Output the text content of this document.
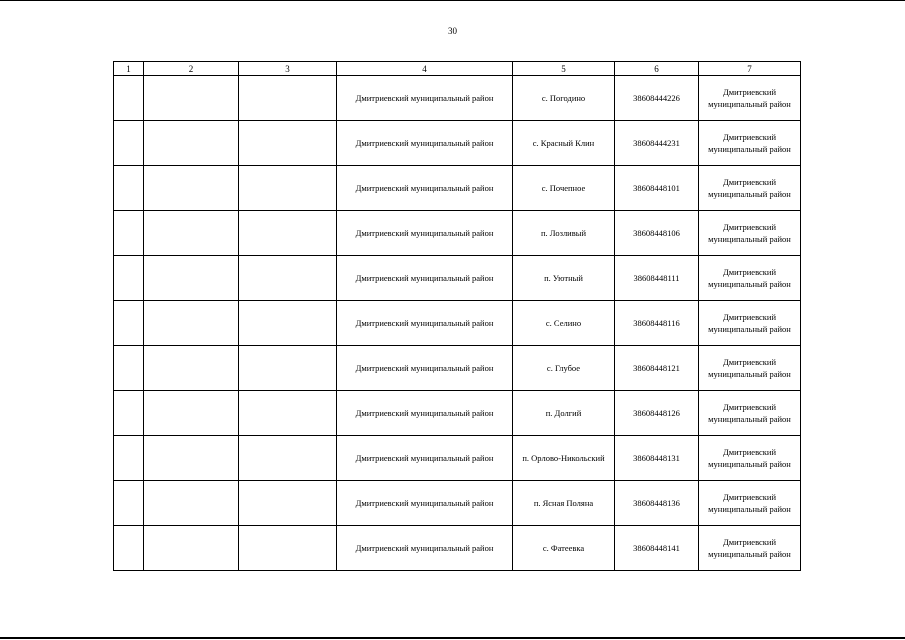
30
1	2	3	4	5	6	7
			Дмитриевский муниципальный район	с. Погодино	38608444226	Дмитриевский
муниципальный район

			Дмитриевский муниципальный район	с. Красный Клин	38608444231	Дмитриевский
муниципальный район

			Дмитриевский муниципальный район	с. Почепное	38608448101	Дмитриевский
муниципальный район

			Дмитриевский муниципальный район	п. Лозливый	38608448106	Дмитриевский
муниципальный район

			Дмитриевский муниципальный район	п. Уютный	38608448111	Дмитриевский
муниципальный район

			Дмитриевский муниципальный район	с. Селино	38608448116	Дмитриевский
муниципальный район

			Дмитриевский муниципальный район	с. Глубое	38608448121	Дмитриевский
муниципальный район

			Дмитриевский муниципальный район	п. Долгий	38608448126	Дмитриевский
муниципальный район

			Дмитриевский муниципальный район	п. Орлово-Никольский	38608448131	Дмитриевский
муниципальный район

			Дмитриевский муниципальный район	п. Ясная Поляна	38608448136	Дмитриевский
муниципальный район

			Дмитриевский муниципальный район	с. Фатеевка	38608448141	Дмитриевский
муниципальный район
